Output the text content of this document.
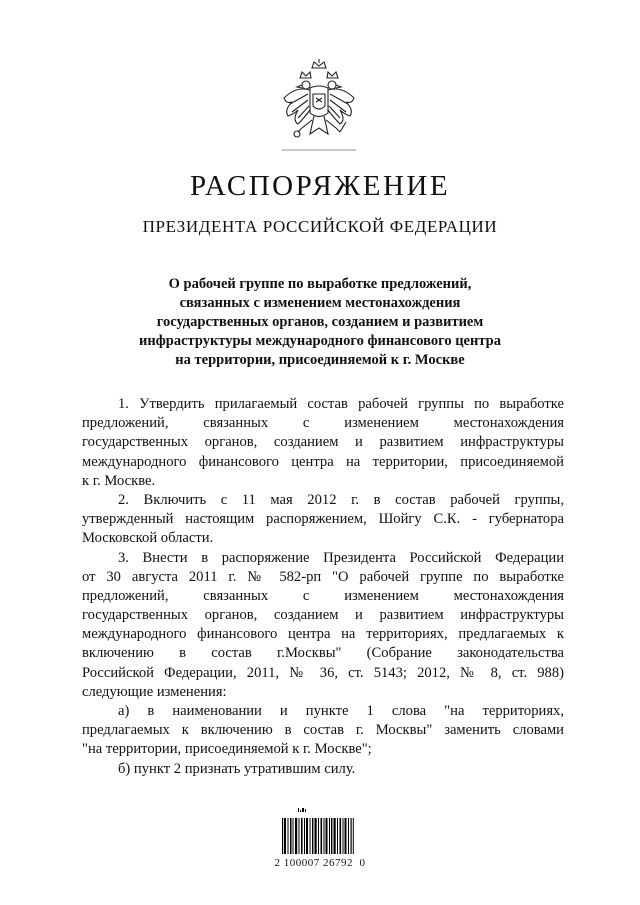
РАСПОРЯЖЕНИЕ
ПРЕЗИДЕНТА РОССИЙСКОЙ ФЕДЕРАЦИИ
О рабочей группе по выработке предложений,
связанных с изменением местонахождения
государственных органов, созданием и развитием
инфраструктуры международного финансового центра
на территории, присоединяемой к г. Москве
1. Утвердить прилагаемый состав рабочей группы по выработке
предложений, связанных с изменением местонахождения
государственных органов, созданием и развитием инфраструктуры
международного финансового центра на территории, присоединяемой
к г. Москве.
2. Включить с 11 мая 2012 г. в состав рабочей группы,
утвержденный настоящим распоряжением, Шойгу С.К. - губернатора
Московской области.
3. Внести в распоряжение Президента Российской Федерации
от 30 августа 2011 г. № 582-рп "О рабочей группе по выработке
предложений, связанных с изменением местонахождения
государственных органов, созданием и развитием инфраструктуры
международного финансового центра на территориях, предлагаемых к
включению в состав г.Москвы" (Собрание законодательства
Российской Федерации, 2011, № 36, ст. 5143; 2012, № 8, ст. 988)
следующие изменения:
а) в наименовании и пункте 1 слова "на территориях,
предлагаемых к включению в состав г. Москвы" заменить словами
"на территории, присоединяемой к г. Москве";
б) пункт 2 признать утратившим силу.
2 100007 26792  0
